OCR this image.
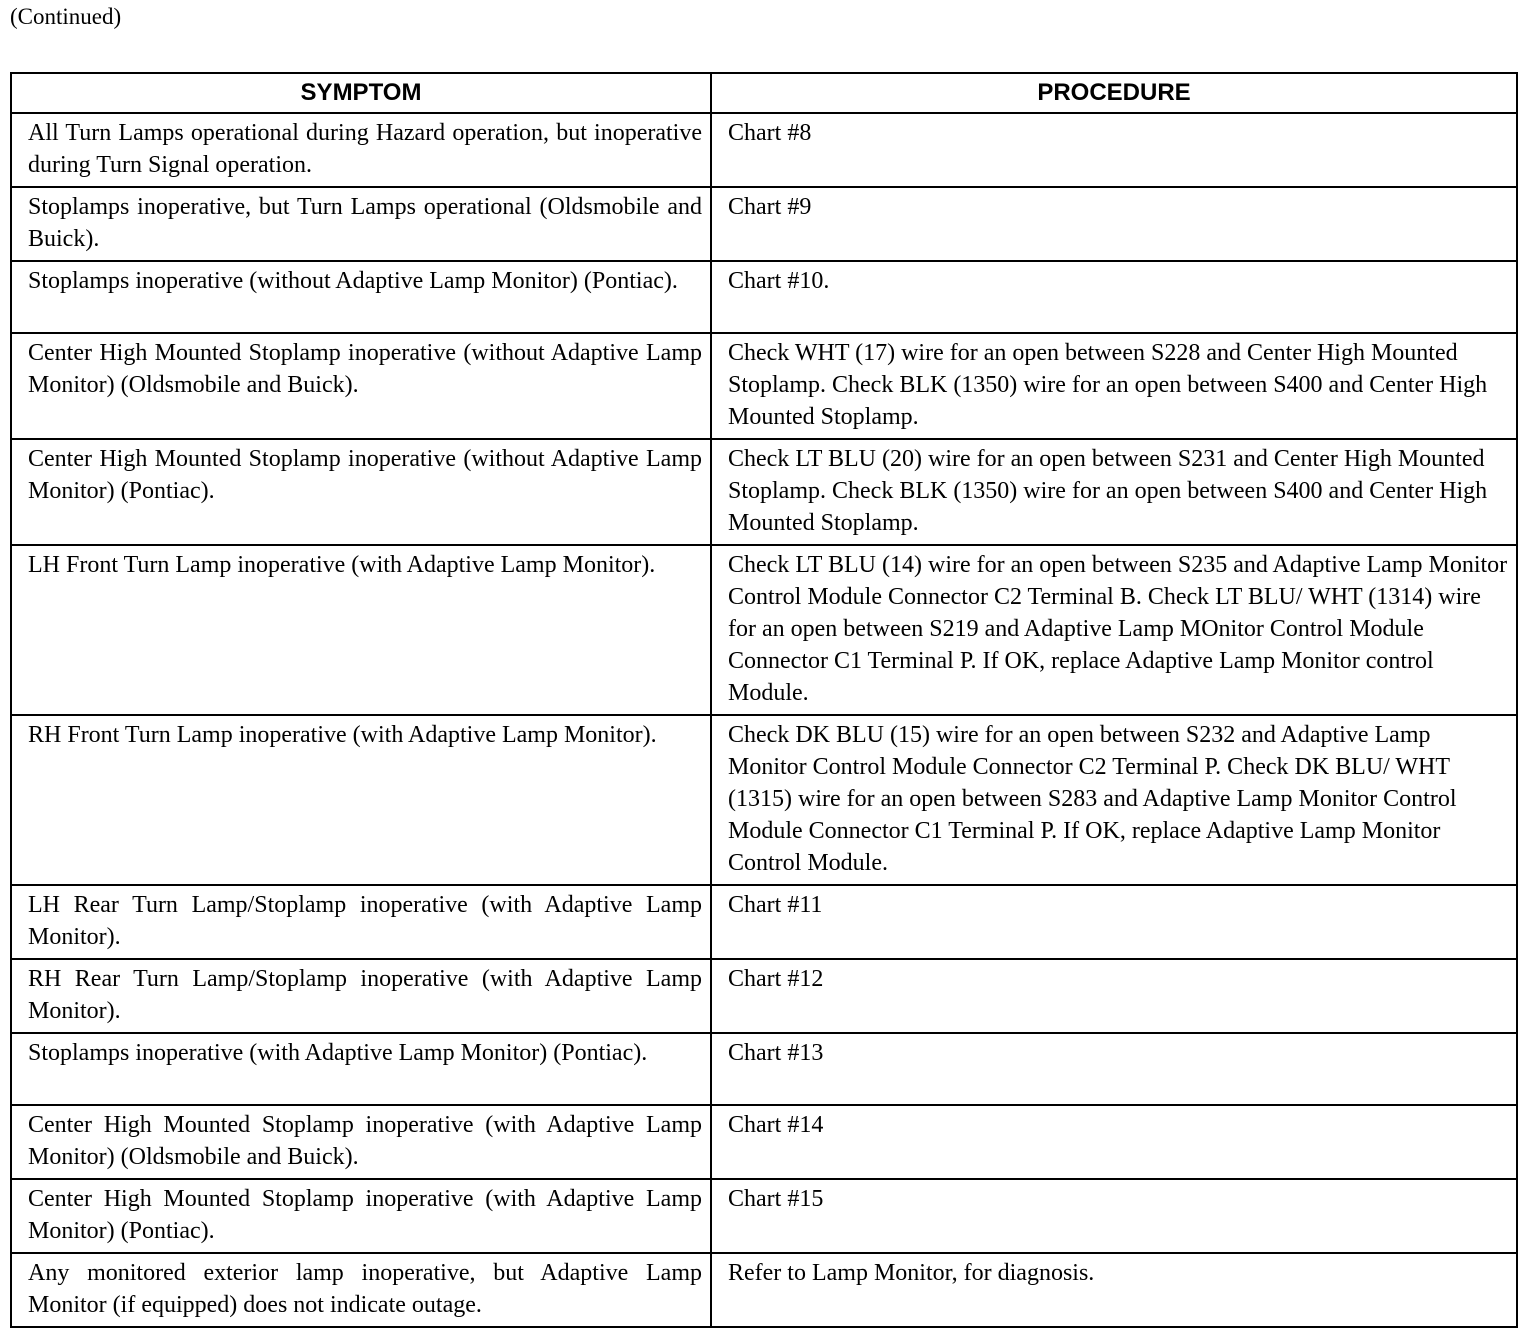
(Continued)
SYMPTOM	PROCEDURE
All Turn Lamps operational during Hazard operation, but inoperative during Turn Signal operation.	Chart #8
Stoplamps inoperative, but Turn Lamps operational (Oldsmobile and Buick).	Chart #9
Stoplamps inoperative (without Adaptive Lamp Monitor) (Pontiac).	Chart #10.
Center High Mounted Stoplamp inoperative (without Adaptive Lamp Monitor) (Oldsmobile and Buick).	Check WHT (17) wire for an open between S228 and Center High Mounted Stoplamp. Check BLK (1350) wire for an open between S400 and Center High Mounted Stoplamp.
Center High Mounted Stoplamp inoperative (without Adaptive Lamp Monitor) (Pontiac).	Check LT BLU (20) wire for an open between S231 and Center High Mounted Stoplamp. Check BLK (1350) wire for an open between S400 and Center High Mounted Stoplamp.
LH Front Turn Lamp inoperative (with Adaptive Lamp Monitor).	Check LT BLU (14) wire for an open between S235 and Adaptive Lamp Monitor Control Module Connector C2 Terminal B. Check LT BLU/ WHT (1314) wire for an open between S219 and Adaptive Lamp MOnitor Control Module Connector C1 Terminal P. If OK, replace Adaptive Lamp Monitor control Module.
RH Front Turn Lamp inoperative (with Adaptive Lamp Monitor).	Check DK BLU (15) wire for an open between S232 and Adaptive Lamp Monitor Control Module Connector C2 Terminal P. Check DK BLU/ WHT (1315) wire for an open between S283 and Adaptive Lamp Monitor Control Module Connector C1 Terminal P. If OK, replace Adaptive Lamp Monitor Control Module.
LH Rear Turn Lamp/Stoplamp inoperative (with Adaptive Lamp Monitor).	Chart #11
RH Rear Turn Lamp/Stoplamp inoperative (with Adaptive Lamp Monitor).	Chart #12
Stoplamps inoperative (with Adaptive Lamp Monitor) (Pontiac).	Chart #13
Center High Mounted Stoplamp inoperative (with Adaptive Lamp Monitor) (Oldsmobile and Buick).	Chart #14
Center High Mounted Stoplamp inoperative (with Adaptive Lamp Monitor) (Pontiac).	Chart #15
Any monitored exterior lamp inoperative, but Adaptive Lamp Monitor (if equipped) does not indicate outage.	Refer to Lamp Monitor, for diagnosis.
